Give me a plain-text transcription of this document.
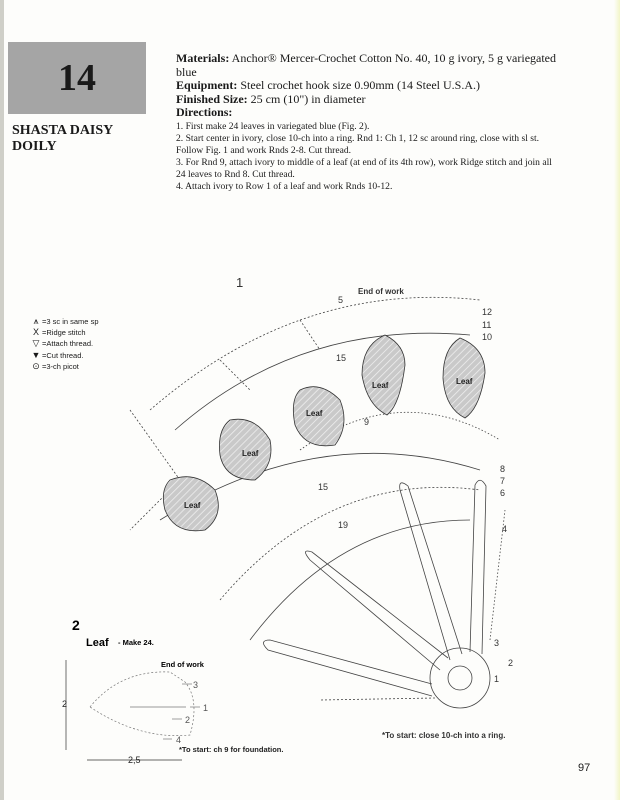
14
SHASTA DAISY DOILY
Materials: Anchor® Mercer-Crochet Cotton No. 40, 10 g ivory, 5 g variegated blue
Equipment: Steel crochet hook size 0.90mm (14 Steel U.S.A.)
Finished Size: 25 cm (10") in diameter
Directions:
1. First make 24 leaves in variegated blue (Fig. 2).
2. Start center in ivory, close 10-ch into a ring. Rnd 1: Ch 1, 12 sc around ring, close with sl st. Follow Fig. 1 and work Rnds 2-8. Cut thread.
3. For Rnd 9, attach ivory to middle of a leaf (at end of its 4th row), work Ridge stitch and join all 24 leaves to Rnd 8. Cut thread.
4. Attach ivory to Row 1 of a leaf and work Rnds 10-12.
⩚ =3 sc in same sp
X =Ridge stitch
▽ =Attach thread.
▼ =Cut thread.
⊙ =3-ch picot
Leaf	Leaf
Leaf
Leaf
Leaf
1
End of work
5
12
11
10
15
9
8
7
6
4
3
2
1
15
19
*To start: close 10-ch into a ring.
2
Leaf - Make 24.
End of work
3
1
2
4
2
2,5
*To start: ch 9 for foundation.
97
